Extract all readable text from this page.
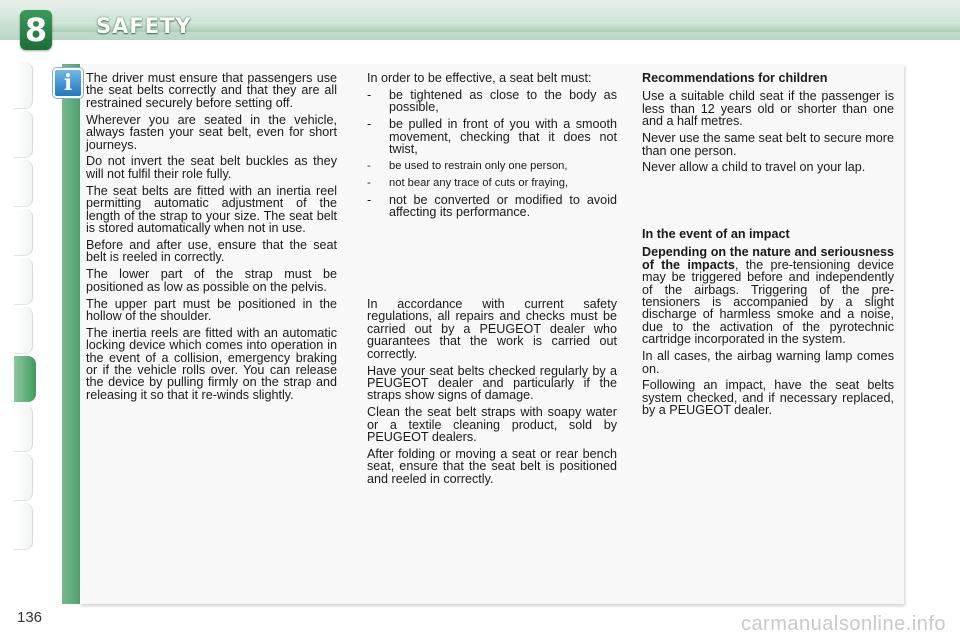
8 SAFETY
i	The driver must ensure that passengers use the seat belts correctly and that they are all restrained securely before setting off.

Wherever you are seated in the vehicle, always fasten your seat belt, even for short journeys.

Do not invert the seat belt buckles as they will not fulfil their role fully.

The seat belts are fitted with an inertia reel permitting automatic adjustment of the length of the strap to your size. The seat belt is stored automatically when not in use.

Before and after use, ensure that the seat belt is reeled in correctly.

The lower part of the strap must be positioned as low as possible on the pelvis.

The upper part must be positioned in the hollow of the shoulder.

The inertia reels are fitted with an automatic locking device which comes into operation in the event of a collision, emergency braking or if the vehicle rolls over. You can release the device by pulling firmly on the strap and releasing it so that it re-winds slightly.

In order to be effective, a seat belt must:

- be tightened as close to the body as possible,
- be pulled in front of you with a smooth movement, checking that it does not twist,
- be used to restrain only one person,
- not bear any trace of cuts or fraying,
- not be converted or modified to avoid affecting its performance.

In accordance with current safety regulations, all repairs and checks must be carried out by a PEUGEOT dealer who guarantees that the work is carried out correctly.

Have your seat belts checked regularly by a PEUGEOT dealer and particularly if the straps show signs of damage.

Clean the seat belt straps with soapy water or a textile cleaning product, sold by PEUGEOT dealers.

After folding or moving a seat or rear bench seat, ensure that the seat belt is positioned and reeled in correctly.

Recommendations for children

Use a suitable child seat if the passenger is less than 12 years old or shorter than one and a half metres.

Never use the same seat belt to secure more than one person.

Never allow a child to travel on your lap.

In the event of an impact

Depending on the nature and seriousness of the impacts, the pre-tensioning device may be triggered before and independently of the airbags. Triggering of the pre-tensioners is accompanied by a slight discharge of harmless smoke and a noise, due to the activation of the pyrotechnic cartridge incorporated in the system.

In all cases, the airbag warning lamp comes on.

Following an impact, have the seat belts system checked, and if necessary replaced, by a PEUGEOT dealer.

136	carmanualsonline.info
